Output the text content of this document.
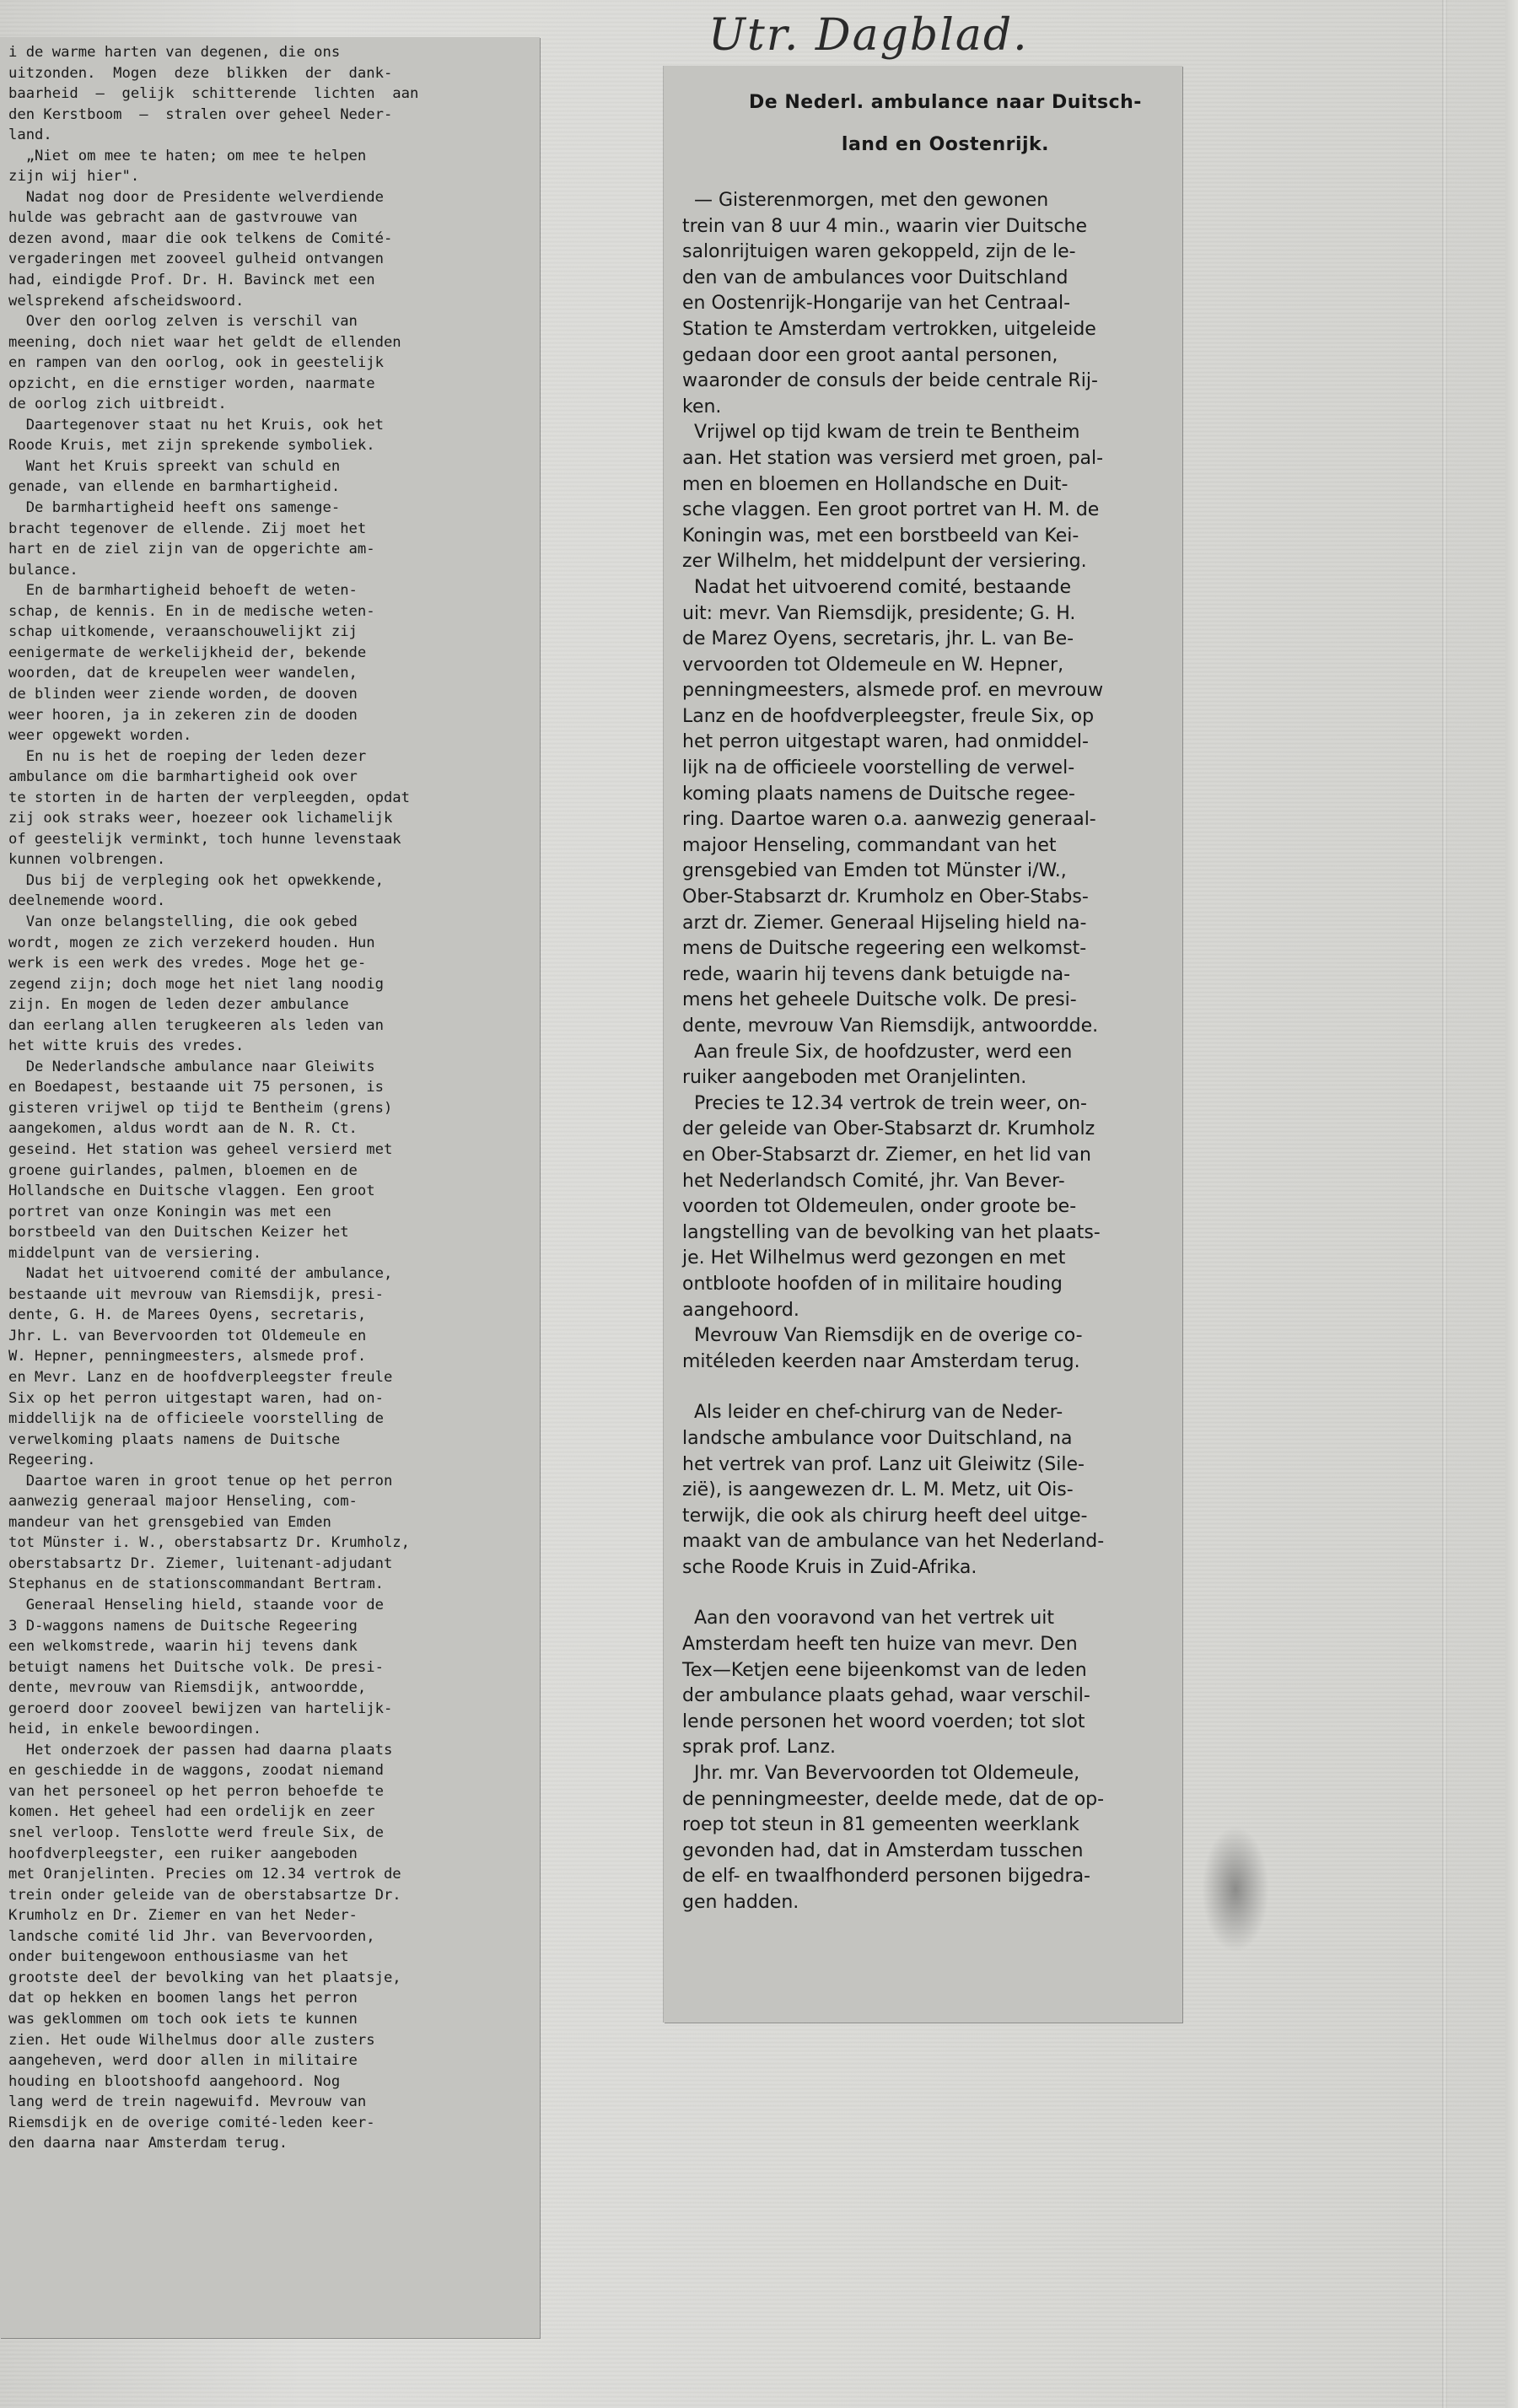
Utr. Dagblad.

i de warme harten van degenen, die ons

uitzonden.  Mogen  deze  blikken  der  dank-

baarheid  —  gelijk  schitterende  lichten  aan

den Kerstboom  —  stralen over geheel Neder-

land.

„Niet om mee te haten; om mee te helpen

zijn wij hier".

Nadat nog door de Presidente welverdiende

hulde was gebracht aan de gastvrouwe van

dezen avond, maar die ook telkens de Comité-

vergaderingen met zooveel gulheid ontvangen

had, eindigde Prof. Dr. H. Bavinck met een

welsprekend afscheidswoord.

Over den oorlog zelven is verschil van

meening, doch niet waar het geldt de ellenden

en rampen van den oorlog, ook in geestelijk

opzicht, en die ernstiger worden, naarmate

de oorlog zich uitbreidt.

Daartegenover staat nu het Kruis, ook het

Roode Kruis, met zijn sprekende symboliek.

Want het Kruis spreekt van schuld en

genade, van ellende en barmhartigheid.

De barmhartigheid heeft ons samenge-

bracht tegenover de ellende. Zij moet het

hart en de ziel zijn van de opgerichte am-

bulance.

En de barmhartigheid behoeft de weten-

schap, de kennis. En in de medische weten-

schap uitkomende, veraanschouwelijkt zij

eenigermate de werkelijkheid der, bekende

woorden, dat de kreupelen weer wandelen,

de blinden weer ziende worden, de dooven

weer hooren, ja in zekeren zin de dooden

weer opgewekt worden.

En nu is het de roeping der leden dezer

ambulance om die barmhartigheid ook over

te storten in de harten der verpleegden, opdat

zij ook straks weer, hoezeer ook lichamelijk

of geestelijk verminkt, toch hunne levenstaak

kunnen volbrengen.

Dus bij de verpleging ook het opwekkende,

deelnemende woord.

Van onze belangstelling, die ook gebed

wordt, mogen ze zich verzekerd houden. Hun

werk is een werk des vredes. Moge het ge-

zegend zijn; doch moge het niet lang noodig

zijn. En mogen de leden dezer ambulance

dan eerlang allen terugkeeren als leden van

het witte kruis des vredes.

De Nederlandsche ambulance naar Gleiwits

en Boedapest, bestaande uit 75 personen, is

gisteren vrijwel op tijd te Bentheim (grens)

aangekomen, aldus wordt aan de N. R. Ct.

geseind. Het station was geheel versierd met

groene guirlandes, palmen, bloemen en de

Hollandsche en Duitsche vlaggen. Een groot

portret van onze Koningin was met een

borstbeeld van den Duitschen Keizer het

middelpunt van de versiering.

Nadat het uitvoerend comité der ambulance,

bestaande uit mevrouw van Riemsdijk, presi-

dente, G. H. de Marees Oyens, secretaris,

Jhr. L. van Bevervoorden tot Oldemeule en

W. Hepner, penningmeesters, alsmede prof.

en Mevr. Lanz en de hoofdverpleegster freule

Six op het perron uitgestapt waren, had on-

middellijk na de officieele voorstelling de

verwelkoming plaats namens de Duitsche

Regeering.

Daartoe waren in groot tenue op het perron

aanwezig generaal majoor Henseling, com-

mandeur van het grensgebied van Emden

tot Münster i. W., oberstabsartz Dr. Krumholz,

oberstabsartz Dr. Ziemer, luitenant-adjudant

Stephanus en de stationscommandant Bertram.

Generaal Henseling hield, staande voor de

3 D-waggons namens de Duitsche Regeering

een welkomstrede, waarin hij tevens dank

betuigt namens het Duitsche volk. De presi-

dente, mevrouw van Riemsdijk, antwoordde,

geroerd door zooveel bewijzen van hartelijk-

heid, in enkele bewoordingen.

Het onderzoek der passen had daarna plaats

en geschiedde in de waggons, zoodat niemand

van het personeel op het perron behoefde te

komen. Het geheel had een ordelijk en zeer

snel verloop. Tenslotte werd freule Six, de

hoofdverpleegster, een ruiker aangeboden

met Oranjelinten. Precies om 12.34 vertrok de

trein onder geleide van de oberstabsartze Dr.

Krumholz en Dr. Ziemer en van het Neder-

landsche comité lid Jhr. van Bevervoorden,

onder buitengewoon enthousiasme van het

grootste deel der bevolking van het plaatsje,

dat op hekken en boomen langs het perron

was geklommen om toch ook iets te kunnen

zien. Het oude Wilhelmus door alle zusters

aangeheven, werd door allen in militaire

houding en blootshoofd aangehoord. Nog

lang werd de trein nagewuifd. Mevrouw van

Riemsdijk en de overige comité-leden keer-

den daarna naar Amsterdam terug.

De Nederl. ambulance naar Duitsch-

land en Oostenrijk.

— Gisterenmorgen, met den gewonen

trein van 8 uur 4 min., waarin vier Duitsche

salonrijtuigen waren gekoppeld, zijn de le-

den van de ambulances voor Duitschland

en Oostenrijk-Hongarije van het Centraal-

Station te Amsterdam vertrokken, uitgeleide

gedaan door een groot aantal personen,

waaronder de consuls der beide centrale Rij-

ken.

Vrijwel op tijd kwam de trein te Bentheim

aan. Het station was versierd met groen, pal-

men en bloemen en Hollandsche en Duit-

sche vlaggen. Een groot portret van H. M. de

Koningin was, met een borstbeeld van Kei-

zer Wilhelm, het middelpunt der versiering.

Nadat het uitvoerend comité, bestaande

uit: mevr. Van Riemsdijk, presidente; G. H.

de Marez Oyens, secretaris, jhr. L. van Be-

vervoorden tot Oldemeule en W. Hepner,

penningmeesters, alsmede prof. en mevrouw

Lanz en de hoofdverpleegster, freule Six, op

het perron uitgestapt waren, had onmiddel-

lijk na de officieele voorstelling de verwel-

koming plaats namens de Duitsche regee-

ring. Daartoe waren o.a. aanwezig generaal-

majoor Henseling, commandant van het

grensgebied van Emden tot Münster i/W.,

Ober-Stabsarzt dr. Krumholz en Ober-Stabs-

arzt dr. Ziemer. Generaal Hijseling hield na-

mens de Duitsche regeering een welkomst-

rede, waarin hij tevens dank betuigde na-

mens het geheele Duitsche volk. De presi-

dente, mevrouw Van Riemsdijk, antwoordde.

Aan freule Six, de hoofdzuster, werd een

ruiker aangeboden met Oranjelinten.

Precies te 12.34 vertrok de trein weer, on-

der geleide van Ober-Stabsarzt dr. Krumholz

en Ober-Stabsarzt dr. Ziemer, en het lid van

het Nederlandsch Comité, jhr. Van Bever-

voorden tot Oldemeulen, onder groote be-

langstelling van de bevolking van het plaats-

je. Het Wilhelmus werd gezongen en met

ontbloote hoofden of in militaire houding

aangehoord.

Mevrouw Van Riemsdijk en de overige co-

mitéleden keerden naar Amsterdam terug.

Als leider en chef-chirurg van de Neder-

landsche ambulance voor Duitschland, na

het vertrek van prof. Lanz uit Gleiwitz (Sile-

zië), is aangewezen dr. L. M. Metz, uit Ois-

terwijk, die ook als chirurg heeft deel uitge-

maakt van de ambulance van het Nederland-

sche Roode Kruis in Zuid-Afrika.

Aan den vooravond van het vertrek uit

Amsterdam heeft ten huize van mevr. Den

Tex—Ketjen eene bijeenkomst van de leden

der ambulance plaats gehad, waar verschil-

lende personen het woord voerden; tot slot

sprak prof. Lanz.

Jhr. mr. Van Bevervoorden tot Oldemeule,

de penningmeester, deelde mede, dat de op-

roep tot steun in 81 gemeenten weerklank

gevonden had, dat in Amsterdam tusschen

de elf- en twaalfhonderd personen bijgedra-

gen hadden.
